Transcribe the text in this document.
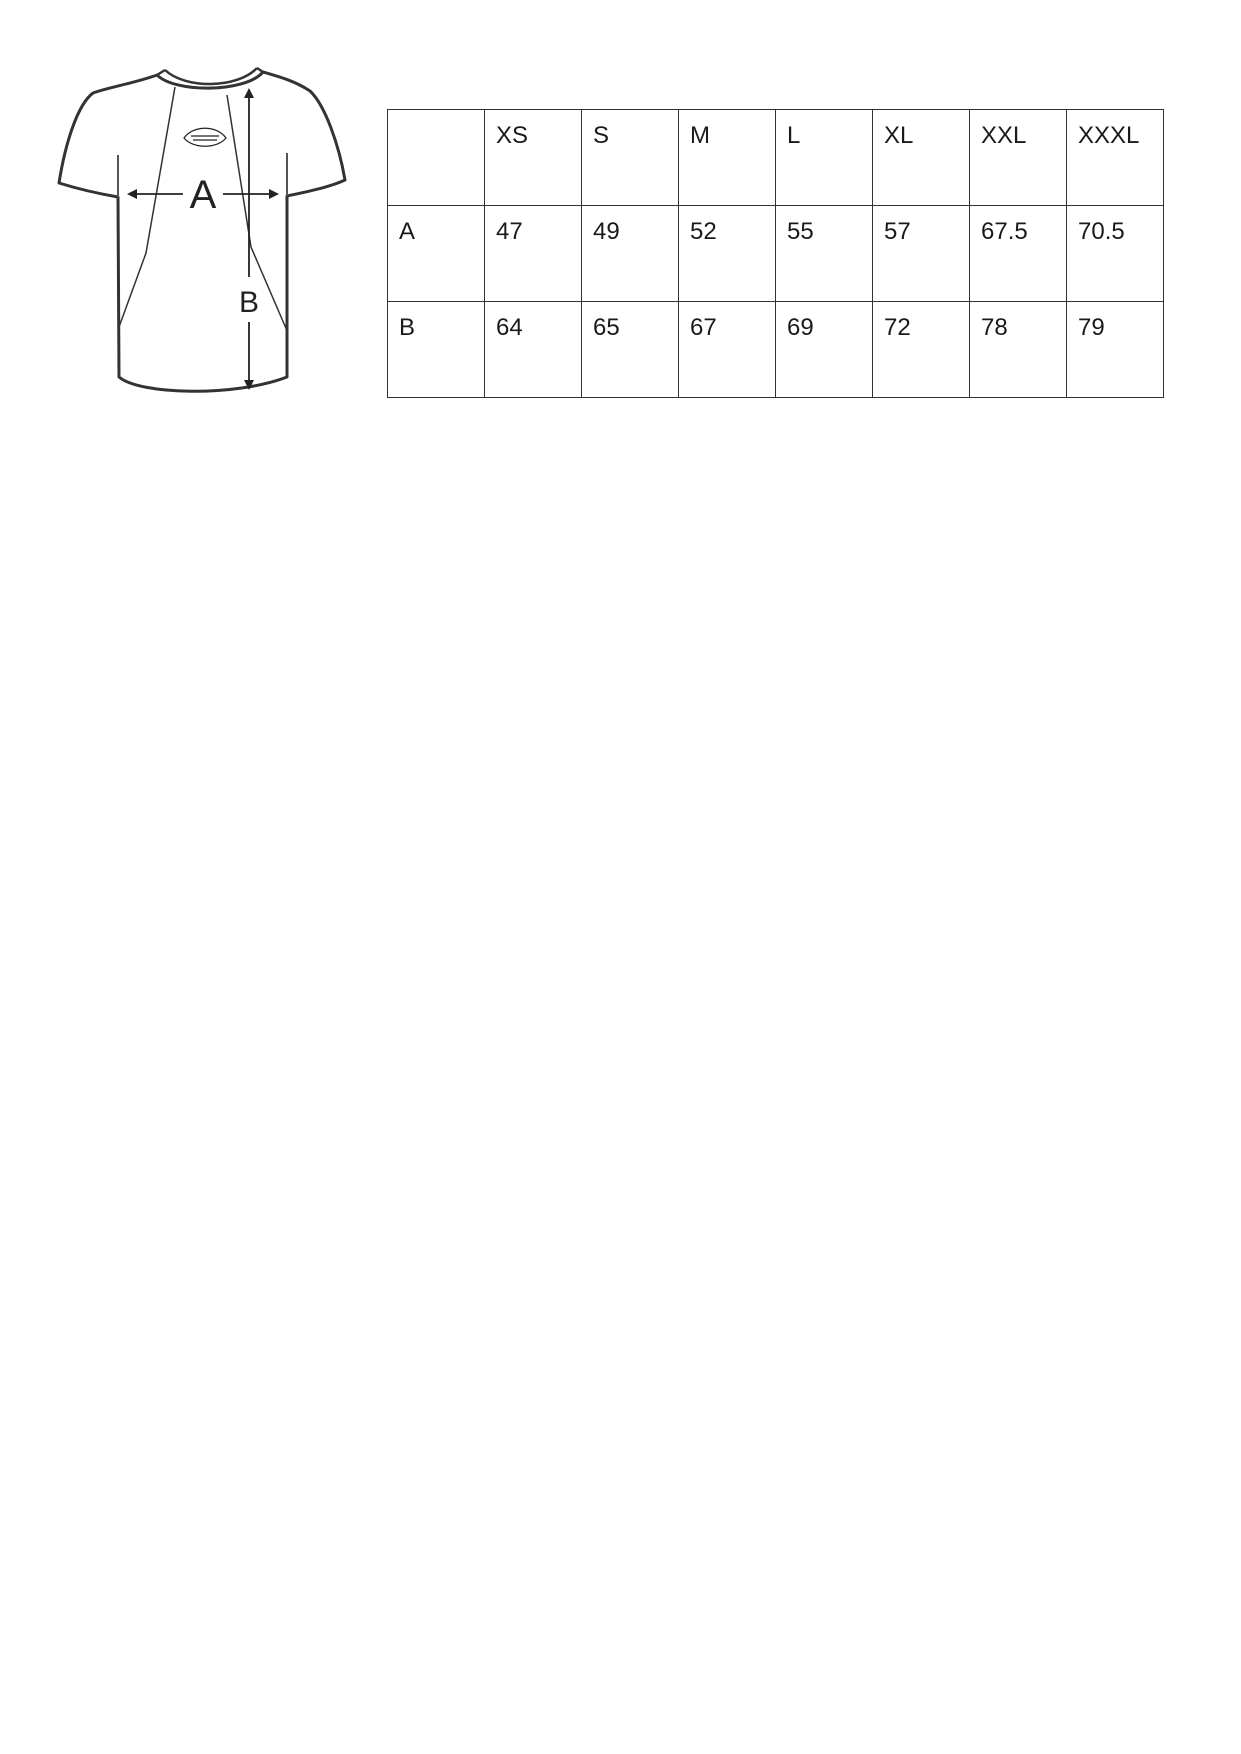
A
B
	XS	S	M	L	XL	XXL	XXXL
A	47	49	52	55	57	67.5	70.5
B	64	65	67	69	72	78	79
